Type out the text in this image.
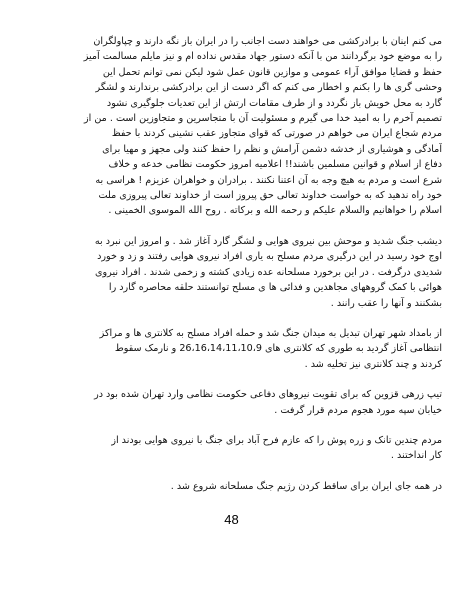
می کنم اینان با برادرکشی می خواهند دست اجانب را در ایران باز نگه دارند و چپاولگران
را به موضع خود برگردانند من با آنکه دستور جهاد مقدس نداده ام و نیز مایلم مسالمت آمیز
حفظ و قضایا موافق آراء عمومی و موازین قانون عمل شود لیکن نمی توانم تحمل این
وحشی گری ها را بکنم و اخطار می کنم که اگر دست از این برادرکشی برندارند و لشگر
گارد به محل خویش باز نگردد و از طرف مقامات ارتش از این تعدیات جلوگیری نشود
تصمیم آخرم را به امید خدا می گیرم و مسئولیت آن با متجاسرین و متجاوزین است . من از
مردم شجاع ایران می خواهم در صورتی که قوای متجاوز عقب نشینی کردند با حفظ
آمادگی و هوشیاری از خدشه دشمن آرامش و نظم را حفظ کنند ولی مجهز و مهیا برای
دفاع از اسلام و قوانین مسلمین باشند!! اعلامیه امروز حکومت نظامی خدعه و خلاف
شرع است و مردم به هیچ وجه به آن اعتنا نکنند . برادران و خواهران عزیزم ! هراسی به
خود راه ندهید که به خواست خداوند تعالی حق پیروز است از خداوند تعالی پیروزی ملت
اسلام را خواهانیم والسلام علیکم و رحمه الله و برکاته . روح الله الموسوی الخمینی .

دیشب جنگ شدید و موحش بین نیروی هوایی و لشگر گارد آغاز شد . و امروز این نبرد به
اوج خود رسید در این درگیری مردم مسلح به یاری افراد نیروی هوایی رفتند و زد و خورد
شدیدی درگرفت . در این برخورد مسلحانه عده زیادی کشته و زخمی شدند . افراد نیروی
هوائی با کمک گروههای مجاهدین و فدائی ها ی مسلح توانستند حلقه محاصره گارد را
بشکنند و آنها را عقب رانند .

از بامداد شهر تهران تبدیل به میدان جنگ شد و حمله افراد مسلح به کلانتری ها و مراکز
انتظامی آغاز گردید به طوری که کلانتری های 26،16،14،11،10،9 و نارمک سقوط
کردند و چند کلانتری نیز تخلیه شد .

تیپ زرهی قزوین که برای تقویت نیروهای دفاعی حکومت نظامی وارد تهران شده بود در
خیابان سپه مورد هجوم مردم قرار گرفت .

مردم چندین تانک و زره پوش را که عازم فرح آباد برای جنگ با نیروی هوایی بودند از
کار انداختند .

در همه جای ایران برای ساقط کردن رژیم جنگ مسلحانه شروع شد .

48
